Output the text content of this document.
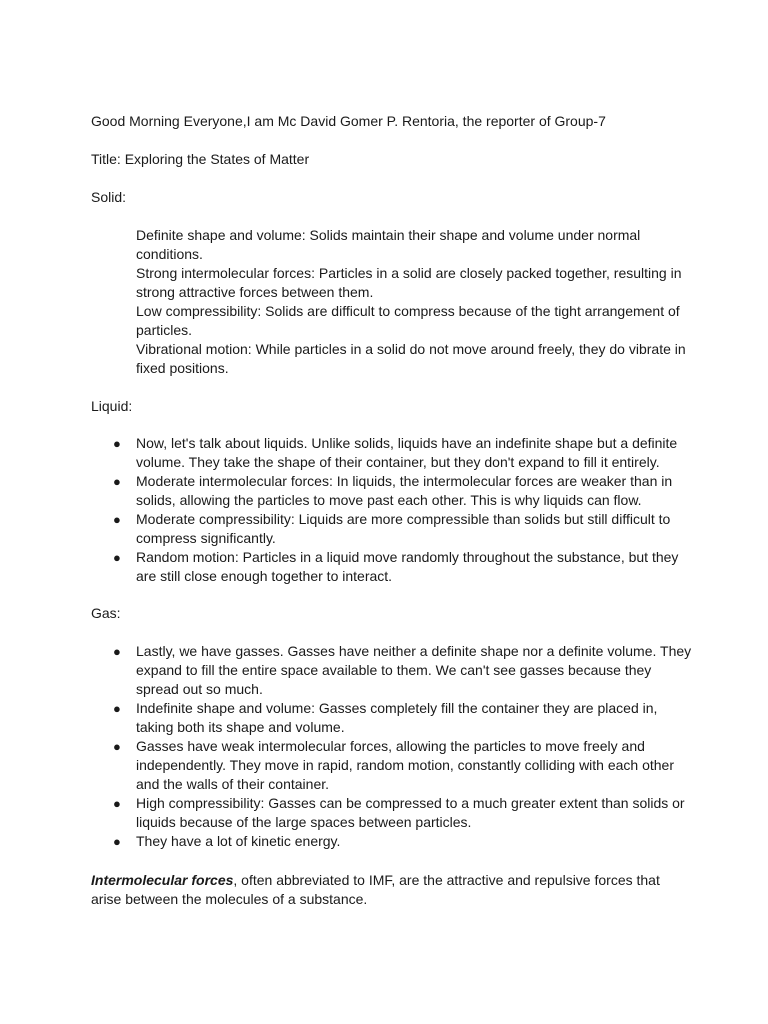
Good Morning Everyone,I am Mc David Gomer P. Rentoria, the reporter of Group-7

Title: Exploring the States of Matter

Solid:

Definite shape and volume: Solids maintain their shape and volume under normal conditions.
Strong intermolecular forces: Particles in a solid are closely packed together, resulting in strong attractive forces between them.
Low compressibility: Solids are difficult to compress because of the tight arrangement of particles.
Vibrational motion: While particles in a solid do not move around freely, they do vibrate in fixed positions.

Liquid:

● Now, let's talk about liquids. Unlike solids, liquids have an indefinite shape but a definite volume. They take the shape of their container, but they don't expand to fill it entirely.
● Moderate intermolecular forces: In liquids, the intermolecular forces are weaker than in solids, allowing the particles to move past each other. This is why liquids can flow.
● Moderate compressibility: Liquids are more compressible than solids but still difficult to compress significantly.
● Random motion: Particles in a liquid move randomly throughout the substance, but they are still close enough together to interact.

Gas:

● Lastly, we have gasses. Gasses have neither a definite shape nor a definite volume. They expand to fill the entire space available to them. We can't see gasses because they spread out so much.
● Indefinite shape and volume: Gasses completely fill the container they are placed in, taking both its shape and volume.
● Gasses have weak intermolecular forces, allowing the particles to move freely and independently. They move in rapid, random motion, constantly colliding with each other and the walls of their container.
● High compressibility: Gasses can be compressed to a much greater extent than solids or liquids because of the large spaces between particles.
● They have a lot of kinetic energy.

Intermolecular forces, often abbreviated to IMF, are the attractive and repulsive forces that arise between the molecules of a substance.
